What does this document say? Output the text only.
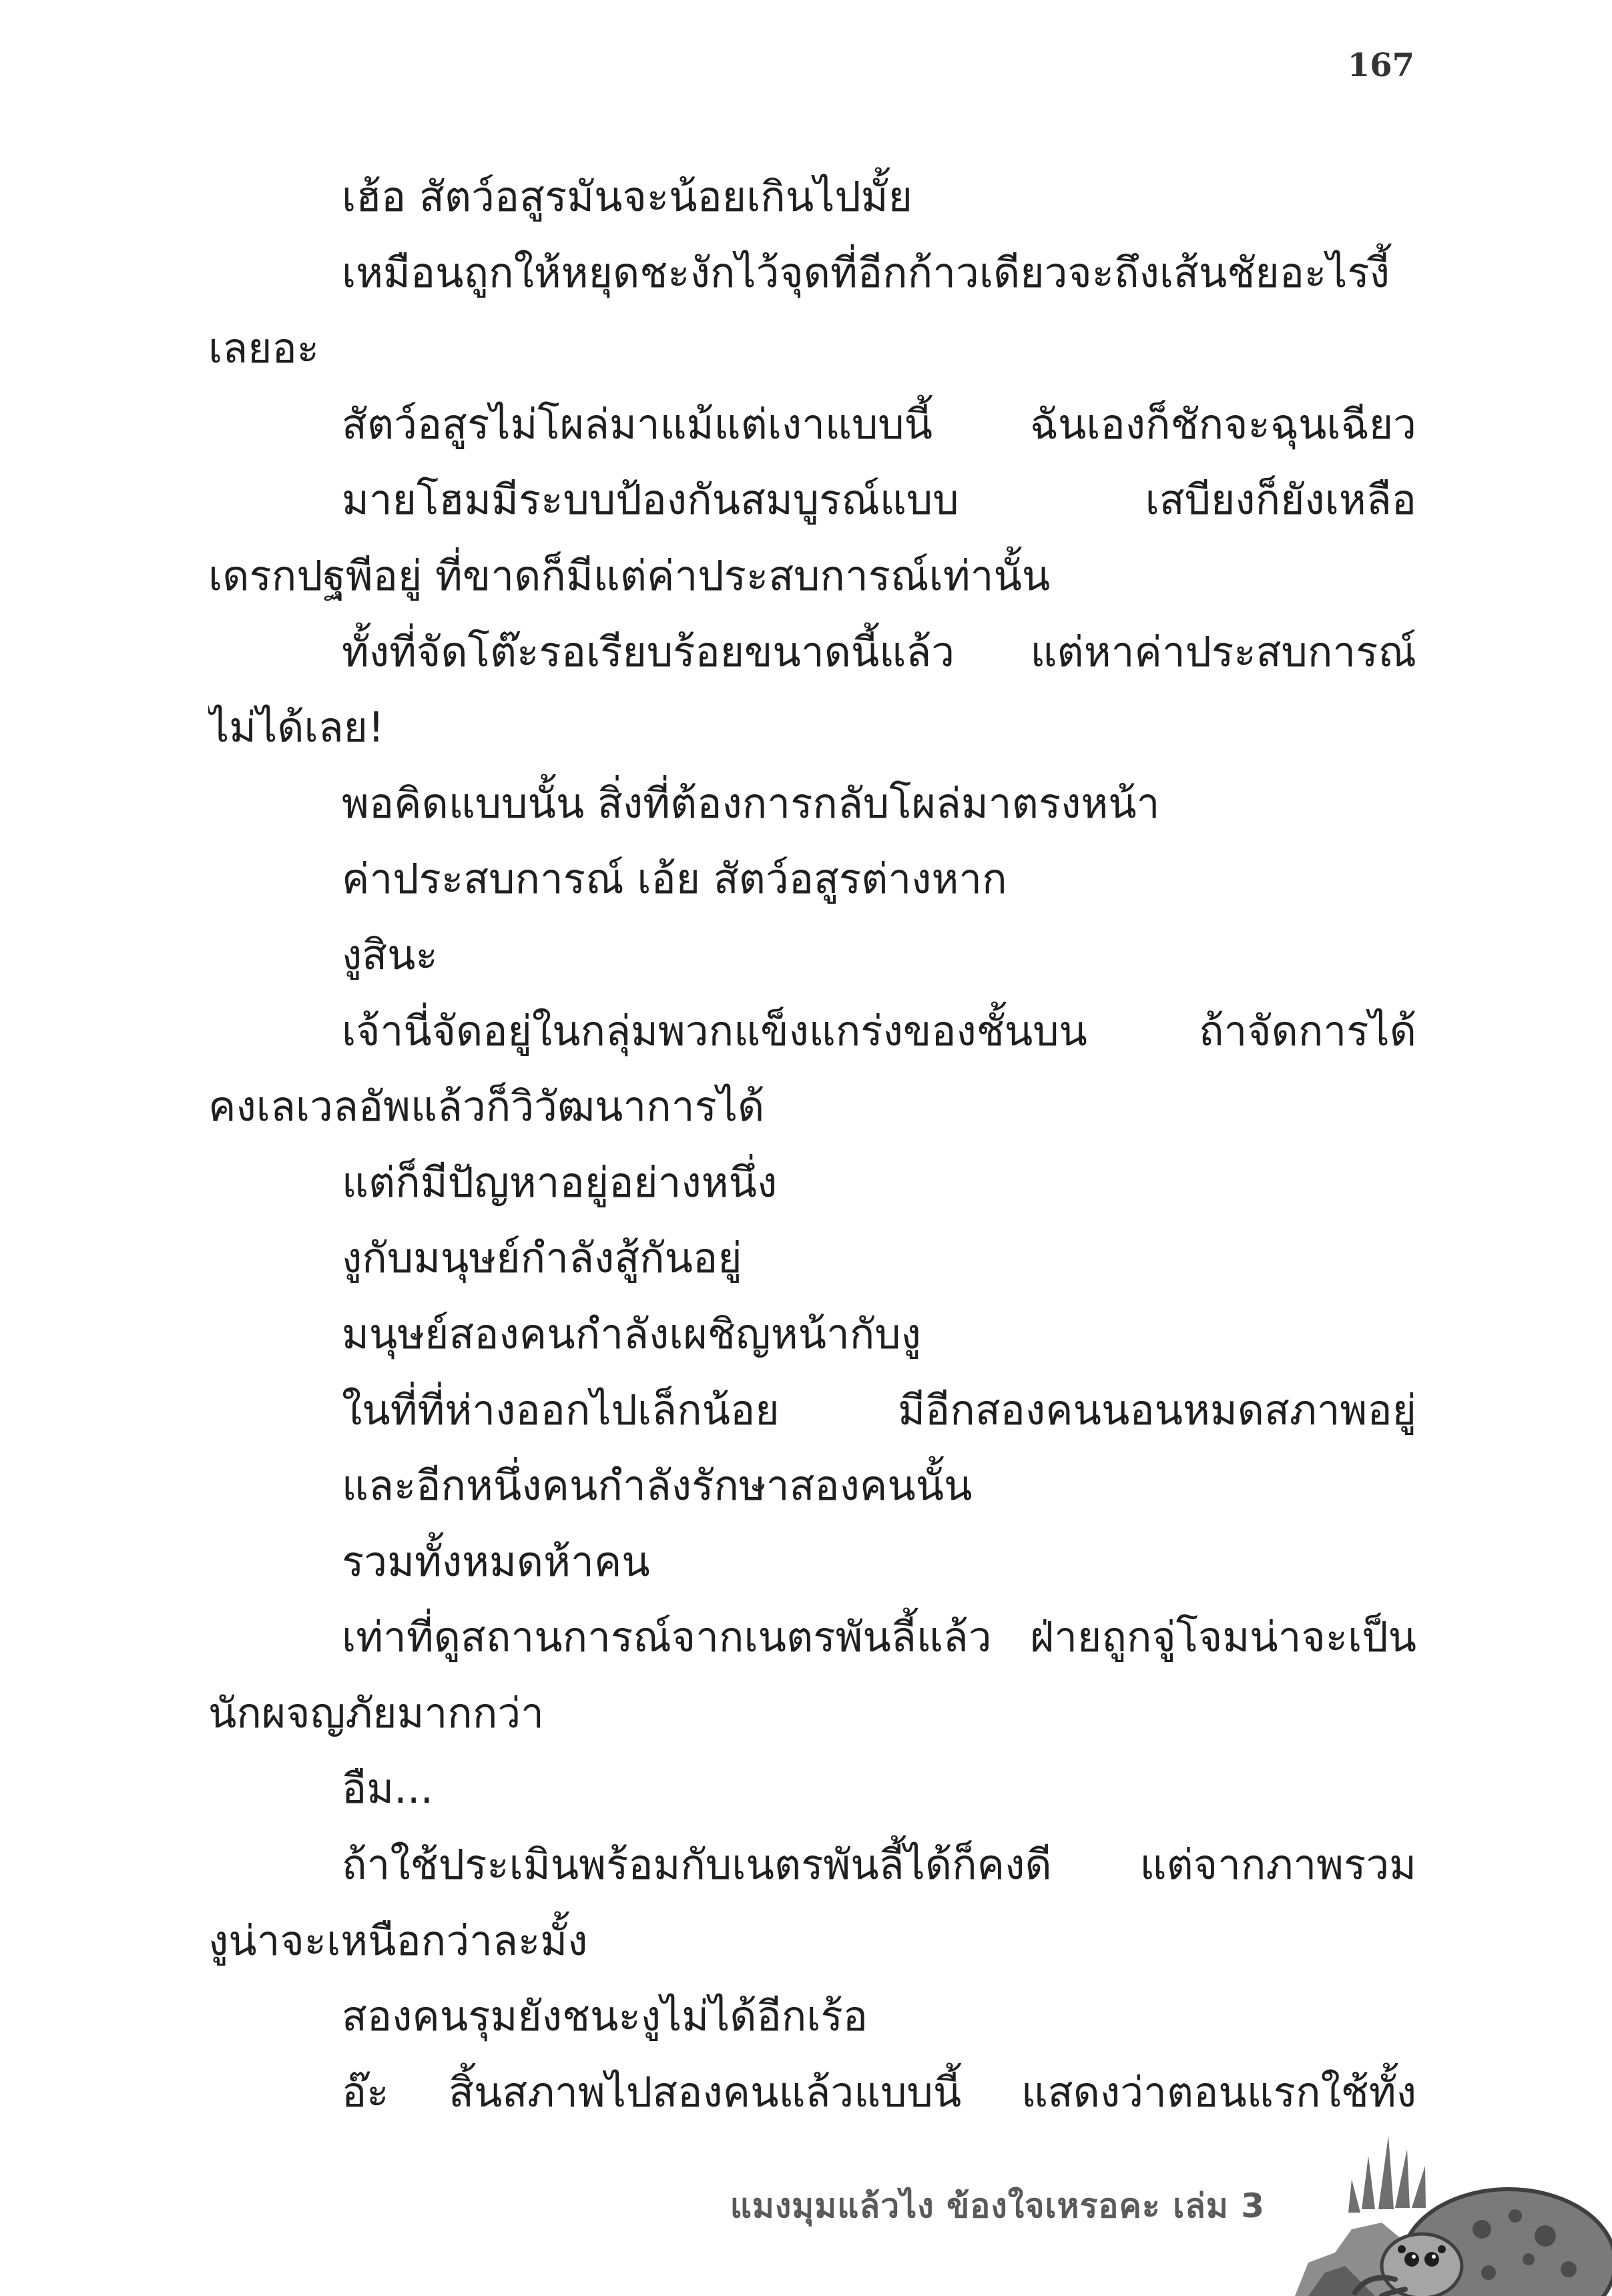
167
เฮ้อ สัตว์อสูรมันจะน้อยเกินไปมั้ย
เหมือนถูกให้หยุดชะงักไว้จุดที่อีกก้าวเดียวจะถึงเส้นชัยอะไรงี้
เลยอะ
สัตว์อสูรไม่โผล่มาแม้แต่เงาแบบนี้ ฉันเองก็ชักจะฉุนเฉียว
มายโฮมมีระบบป้องกันสมบูรณ์แบบ เสบียงก็ยังเหลือ
เดรกปฐพีอยู่ ที่ขาดก็มีแต่ค่าประสบการณ์เท่านั้น
ทั้งที่จัดโต๊ะรอเรียบร้อยขนาดนี้แล้ว แต่หาค่าประสบการณ์
ไม่ได้เลย!
พอคิดแบบนั้น สิ่งที่ต้องการกลับโผล่มาตรงหน้า
ค่าประสบการณ์ เอ้ย สัตว์อสูรต่างหาก
งูสินะ
เจ้านี่จัดอยู่ในกลุ่มพวกแข็งแกร่งของชั้นบน ถ้าจัดการได้
คงเลเวลอัพแล้วก็วิวัฒนาการได้
แต่ก็มีปัญหาอยู่อย่างหนึ่ง
งูกับมนุษย์กำลังสู้กันอยู่
มนุษย์สองคนกำลังเผชิญหน้ากับงู
ในที่ที่ห่างออกไปเล็กน้อย มีอีกสองคนนอนหมดสภาพอยู่
และอีกหนึ่งคนกำลังรักษาสองคนนั้น
รวมทั้งหมดห้าคน
เท่าที่ดูสถานการณ์จากเนตรพันลี้แล้ว ฝ่ายถูกจู่โจมน่าจะเป็น
นักผจญภัยมากกว่า
อืม...
ถ้าใช้ประเมินพร้อมกับเนตรพันลี้ได้ก็คงดี แต่จากภาพรวม
งูน่าจะเหนือกว่าละมั้ง
สองคนรุมยังชนะงูไม่ได้อีกเร้อ
อ๊ะ สิ้นสภาพไปสองคนแล้วแบบนี้ แสดงว่าตอนแรกใช้ทั้ง
แมงมุมแล้วไง ข้องใจเหรอคะ เล่ม 3
